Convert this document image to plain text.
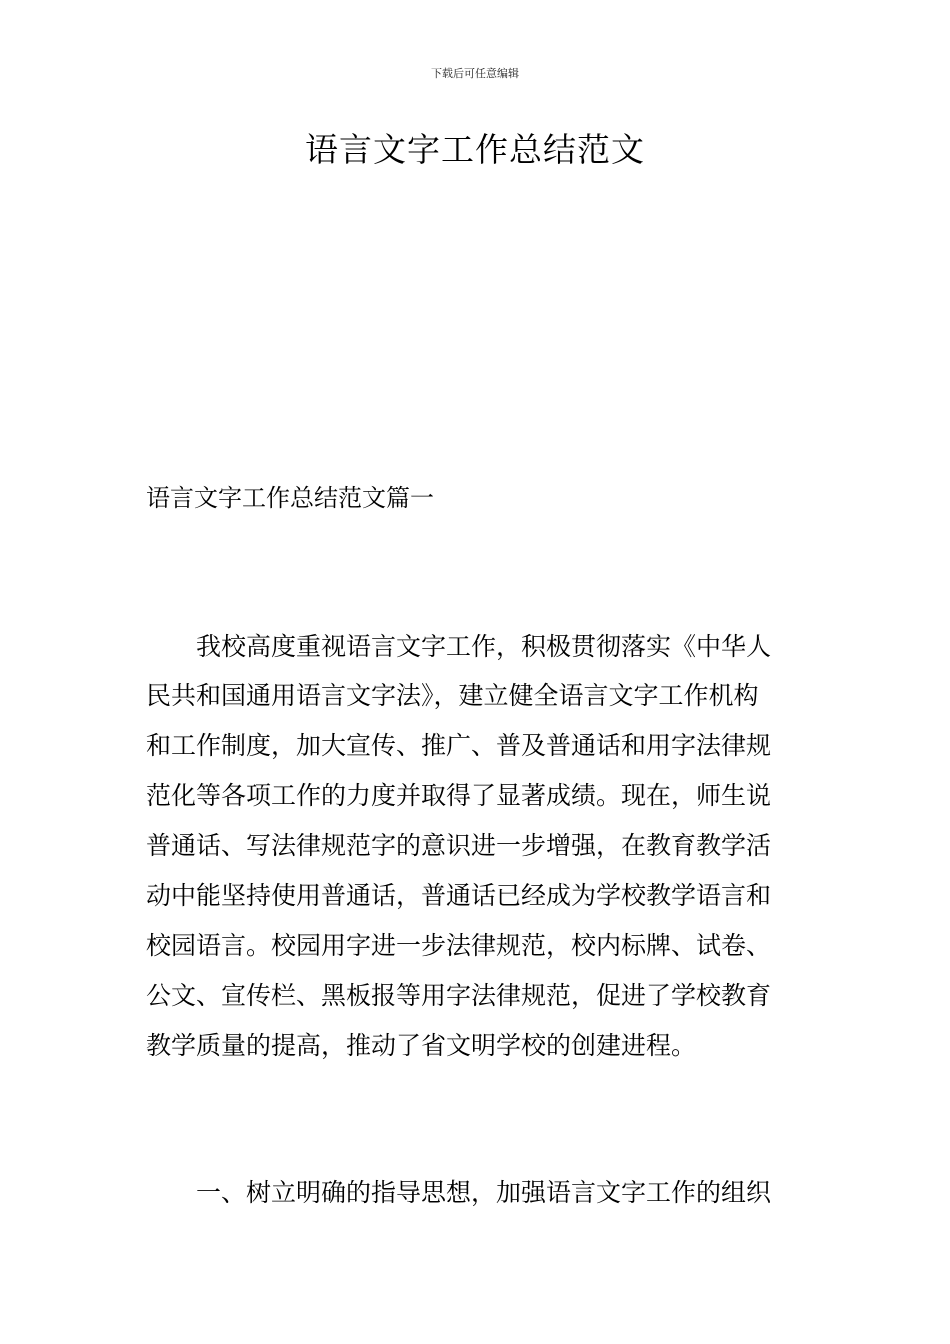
下载后可任意编辑
语言文字工作总结范文
语言文字工作总结范文篇一
我校高度重视语言文字工作，积极贯彻落实《中华人
民共和国通用语言文字法》，建立健全语言文字工作机构
和工作制度，加大宣传、推广、普及普通话和用字法律规
范化等各项工作的力度并取得了显著成绩。现在，师生说
普通话、写法律规范字的意识进一步增强，在教育教学活
动中能坚持使用普通话，普通话已经成为学校教学语言和
校园语言。校园用字进一步法律规范，校内标牌、试卷、
公文、宣传栏、黑板报等用字法律规范，促进了学校教育
教学质量的提高，推动了省文明学校的创建进程。
一、树立明确的指导思想，加强语言文字工作的组织
